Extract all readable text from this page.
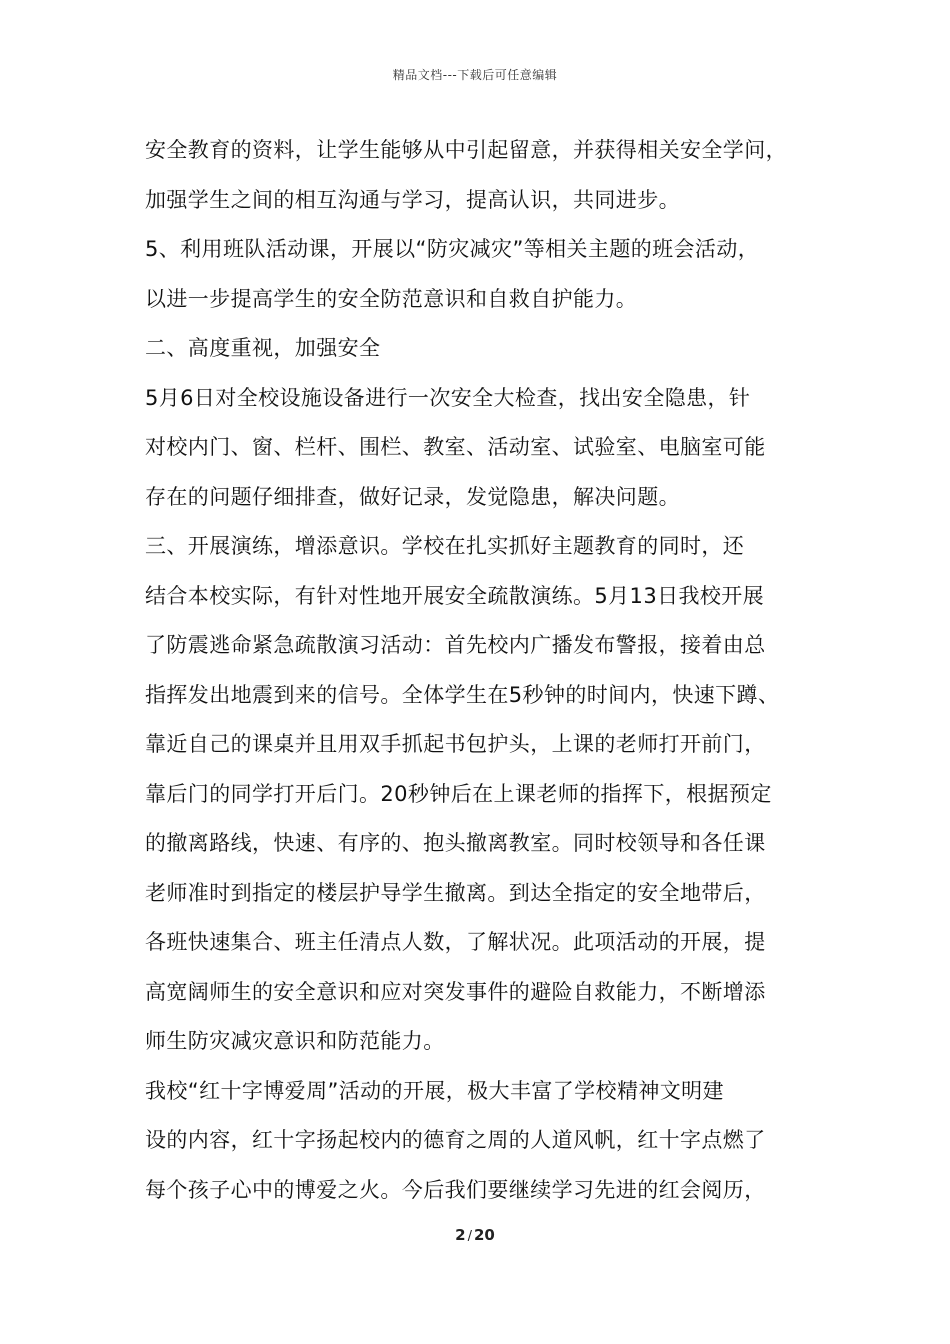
精品文档---下载后可任意编辑
安全教育的资料，让学生能够从中引起留意，并获得相关安全学问，
加强学生之间的相互沟通与学习，提高认识，共同进步。
5、利用班队活动课，开展以“防灾减灾”等相关主题的班会活动，
以进一步提高学生的安全防范意识和自救自护能力。
二、高度重视，加强安全
5月6日对全校设施设备进行一次安全大检查，找出安全隐患，针
对校内门、窗、栏杆、围栏、教室、活动室、试验室、电脑室可能
存在的问题仔细排查，做好记录，发觉隐患，解决问题。
三、开展演练，增添意识。学校在扎实抓好主题教育的同时，还
结合本校实际，有针对性地开展安全疏散演练。5月13日我校开展
了防震逃命紧急疏散演习活动：首先校内广播发布警报，接着由总
指挥发出地震到来的信号。全体学生在5秒钟的时间内，快速下蹲、
靠近自己的课桌并且用双手抓起书包护头，上课的老师打开前门，
靠后门的同学打开后门。20秒钟后在上课老师的指挥下，根据预定
的撤离路线，快速、有序的、抱头撤离教室。同时校领导和各任课
老师准时到指定的楼层护导学生撤离。到达全指定的安全地带后，
各班快速集合、班主任清点人数，了解状况。此项活动的开展，提
高宽阔师生的安全意识和应对突发事件的避险自救能力，不断增添
师生防灾减灾意识和防范能力。
我校“红十字博爱周”活动的开展，极大丰富了学校精神文明建
设的内容，红十字扬起校内的德育之周的人道风帆，红十字点燃了
每个孩子心中的博爱之火。今后我们要继续学习先进的红会阅历，
2 / 20
